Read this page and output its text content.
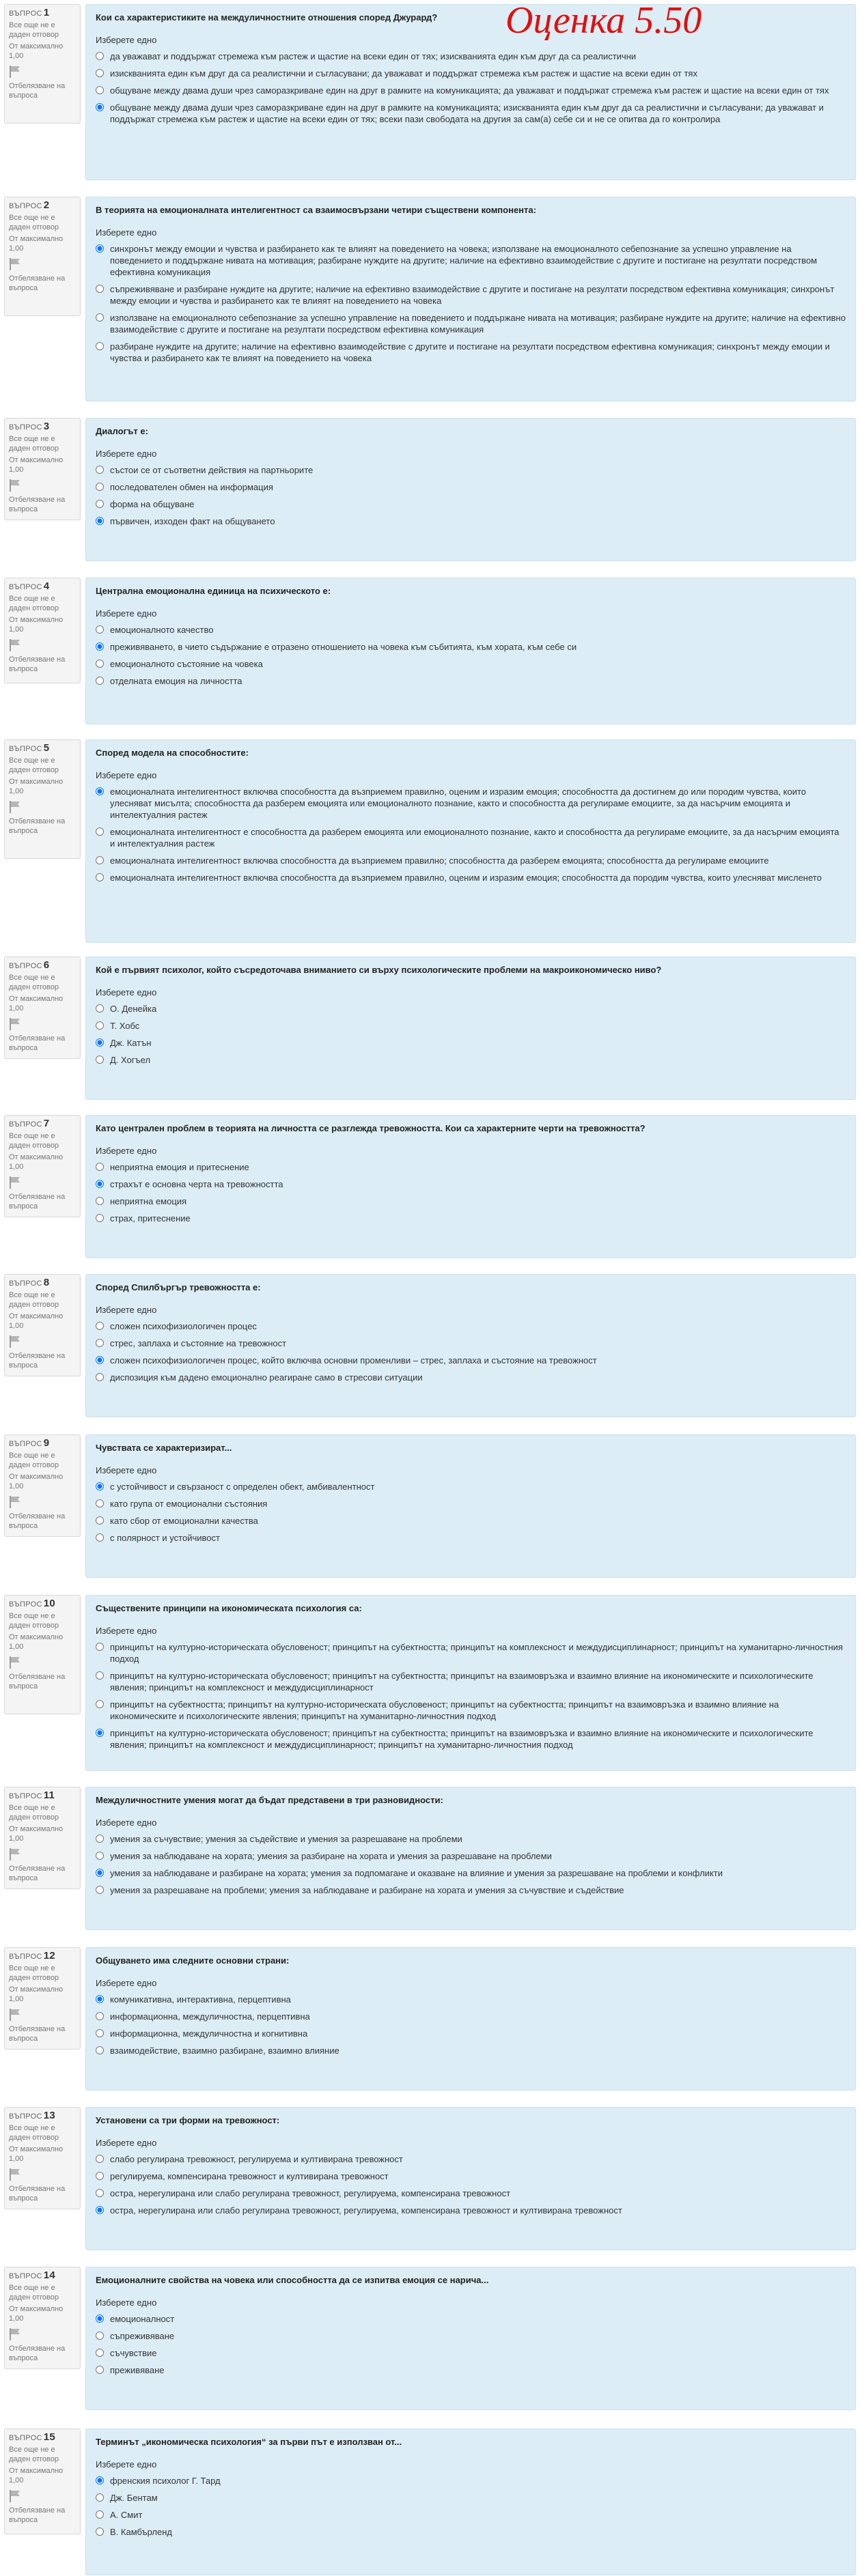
Оценка 5.50
ВЪПРОС 1
Все още не е даден отговор
От максимално 1,00
Отбелязване на въпроса
Кои са характеристиките на междуличностните отношения според Джурард?
Изберете едно
да уважават и поддържат стремежа към растеж и щастие на всеки един от тях; изискванията един към друг да са реалистични
изискванията един към друг да са реалистични и съгласувани; да уважават и поддържат стремежа към растеж и щастие на всеки един от тях
общуване между двама души чрез саморазкриване един на друг в рамките на комуникацията; да уважават и поддържат стремежа към растеж и щастие на всеки един от тях
общуване между двама души чрез саморазкриване един на друг в рамките на комуникацията; изискванията един към друг да са реалистични и съгласувани; да уважават и поддържат стремежа към растеж и щастие на всеки един от тях; всеки пази свободата на другия за сам(а) себе си и не се опитва да го контролира
ВЪПРОС 2
Все още не е даден отговор
От максимално 1,00
Отбелязване на въпроса
В теорията на емоционалната интелигентност са взаимосвързани четири съществени компонента:
Изберете едно
синхронът между емоции и чувства и разбирането как те влияят на поведението на човека; използване на емоционалното себепознание за успешно управление на поведението и поддържане нивата на мотивация; разбиране нуждите на другите; наличие на ефективно взаимодействие с другите и постигане на резултати посредством ефективна комуникация
съпреживяване и разбиране нуждите на другите; наличие на ефективно взаимодействие с другите и постигане на резултати посредством ефективна комуникация; синхронът между емоции и чувства и разбирането как те влияят на поведението на човека
използване на емоционалното себепознание за успешно управление на поведението и поддържане нивата на мотивация; разбиране нуждите на другите; наличие на ефективно взаимодействие с другите и постигане на резултати посредством ефективна комуникация
разбиране нуждите на другите; наличие на ефективно взаимодействие с другите и постигане на резултати посредством ефективна комуникация; синхронът между емоции и чувства и разбирането как те влияят на поведението на човека
ВЪПРОС 3
Все още не е даден отговор
От максимално 1,00
Отбелязване на въпроса
Диалогът е:
Изберете едно
състои се от съответни действия на партньорите
последователен обмен на информация
форма на общуване
първичен, изходен факт на общуването
ВЪПРОС 4
Все още не е даден отговор
От максимално 1,00
Отбелязване на въпроса
Централна емоционална единица на психическото е:
Изберете едно
емоционалното качество
преживяването, в чието съдържание е отразено отношението на човека към събитията, към хората, към себе си
емоционалното състояние на човека
отделната емоция на личността
ВЪПРОС 5
Все още не е даден отговор
От максимално 1,00
Отбелязване на въпроса
Според модела на способностите:
Изберете едно
емоционалната интелигентност включва способността да възприемем правилно, оценим и изразим емоция; способността да достигнем до или породим чувства, които улесняват мисълта; способността да разберем емоцията или емоционалното познание, както и способността да регулираме емоциите, за да насърчим емоцията и интелектуалния растеж
емоционалната интелигентност е способността да разберем емоцията или емоционалното познание, както и способността да регулираме емоциите, за да насърчим емоцията и интелектуалния растеж
емоционалната интелигентност включва способността да възприемем правилно; способността да разберем емоцията; способността да регулираме емоциите
емоционалната интелигентност включва способността да възприемем правилно, оценим и изразим емоция; способността да породим чувства, които улесняват мисленето
ВЪПРОС 6
Все още не е даден отговор
От максимално 1,00
Отбелязване на въпроса
Кой е първият психолог, който съсредоточава вниманието си върху психологическите проблеми на макроикономическо ниво?
Изберете едно
О. Денейка
Т. Хобс
Дж. Катън
Д. Хогъел
ВЪПРОС 7
Все още не е даден отговор
От максимално 1,00
Отбелязване на въпроса
Като централен проблем в теорията на личността се разглежда тревожността. Кои са характерните черти на тревожността?
Изберете едно
неприятна емоция и притеснение
страхът е основна черта на тревожността
неприятна емоция
страх, притеснение
ВЪПРОС 8
Все още не е даден отговор
От максимално 1,00
Отбелязване на въпроса
Според Спилбъргър тревожността е:
Изберете едно
сложен психофизиологичен процес
стрес, заплаха и състояние на тревожност
сложен психофизиологичен процес, който включва основни променливи – стрес, заплаха и състояние на тревожност
диспозиция към дадено емоционално реагиране само в стресови ситуации
ВЪПРОС 9
Все още не е даден отговор
От максимално 1,00
Отбелязване на въпроса
Чувствата се характеризират...
Изберете едно
с устойчивост и свързаност с определен обект, амбивалентност
като група от емоционални състояния
като сбор от емоционални качества
с полярност и устойчивост
ВЪПРОС 10
Все още не е даден отговор
От максимално 1,00
Отбелязване на въпроса
Съществените принципи на икономическата психология са:
Изберете едно
принципът на културно-историческата обусловеност; принципът на субектността; принципът на комплексност и междудисциплинарност; принципът на хуманитарно-личностния подход
принципът на културно-историческата обусловеност; принципът на субектността; принципът на взаимовръзка и взаимно влияние на икономическите и психологическите явления; принципът на комплексност и междудисциплинарност
принципът на субектността; принципът на културно-историческата обусловеност; принципът на субектността; принципът на взаимовръзка и взаимно влияние на икономическите и психологическите явления; принципът на хуманитарно-личностния подход
принципът на културно-историческата обусловеност; принципът на субектността; принципът на взаимовръзка и взаимно влияние на икономическите и психологическите явления; принципът на комплексност и междудисциплинарност; принципът на хуманитарно-личностния подход
ВЪПРОС 11
Все още не е даден отговор
От максимално 1,00
Отбелязване на въпроса
Междуличностните умения могат да бъдат представени в три разновидности:
Изберете едно
умения за съчувствие; умения за съдействие и умения за разрешаване на проблеми
умения за наблюдаване на хората; умения за разбиране на хората и умения за разрешаване на проблеми
умения за наблюдаване и разбиране на хората; умения за подпомагане и оказване на влияние и умения за разрешаване на проблеми и конфликти
умения за разрешаване на проблеми; умения за наблюдаване и разбиране на хората и умения за съчувствие и съдействие
ВЪПРОС 12
Все още не е даден отговор
От максимално 1,00
Отбелязване на въпроса
Общуването има следните основни страни:
Изберете едно
комуникативна, интерактивна, перцептивна
информационна, междуличностна, перцептивна
информационна, междуличностна и когнитивна
взаимодействие, взаимно разбиране, взаимно влияние
ВЪПРОС 13
Все още не е даден отговор
От максимално 1,00
Отбелязване на въпроса
Установени са три форми на тревожност:
Изберете едно
слабо регулирана тревожност, регулируема и култивирана тревожност
регулируема, компенсирана тревожност и култивирана тревожност
остра, нерегулирана или слабо регулирана тревожност, регулируема, компенсирана тревожност
остра, нерегулирана или слабо регулирана тревожност, регулируема, компенсирана тревожност и култивирана тревожност
ВЪПРОС 14
Все още не е даден отговор
От максимално 1,00
Отбелязване на въпроса
Емоционалните свойства на човека или способността да се изпитва емоция се нарича...
Изберете едно
емоционалност
съпреживяване
съчувствие
преживяване
ВЪПРОС 15
Все още не е даден отговор
От максимално 1,00
Отбелязване на въпроса
Терминът „икономическа психология“ за първи път е използван от...
Изберете едно
френския психолог Г. Тард
Дж. Бентам
А. Смит
В. Камбърленд
